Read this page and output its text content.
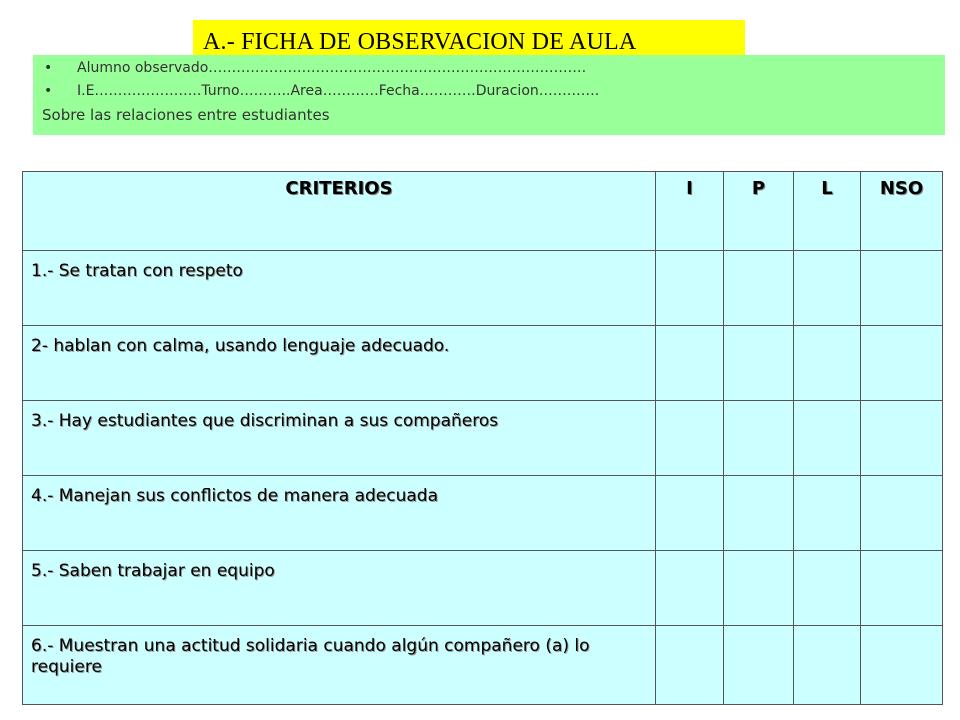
A.- FICHA DE OBSERVACION DE AULA
• Alumno observado………………………………………………………………………
• I.E…………………..Turno………..Area…………Fecha…………Duracion………….
Sobre las relaciones entre estudiantes
CRITERIOS	I	P	L	NSO
1.- Se tratan con respeto				
2- hablan con calma, usando lenguaje adecuado.				
3.- Hay estudiantes que discriminan a sus compañeros				
4.- Manejan sus conflictos de manera adecuada				
5.- Saben trabajar en equipo				
6.- Muestran una actitud solidaria cuando algún compañero (a) lo requiere				
